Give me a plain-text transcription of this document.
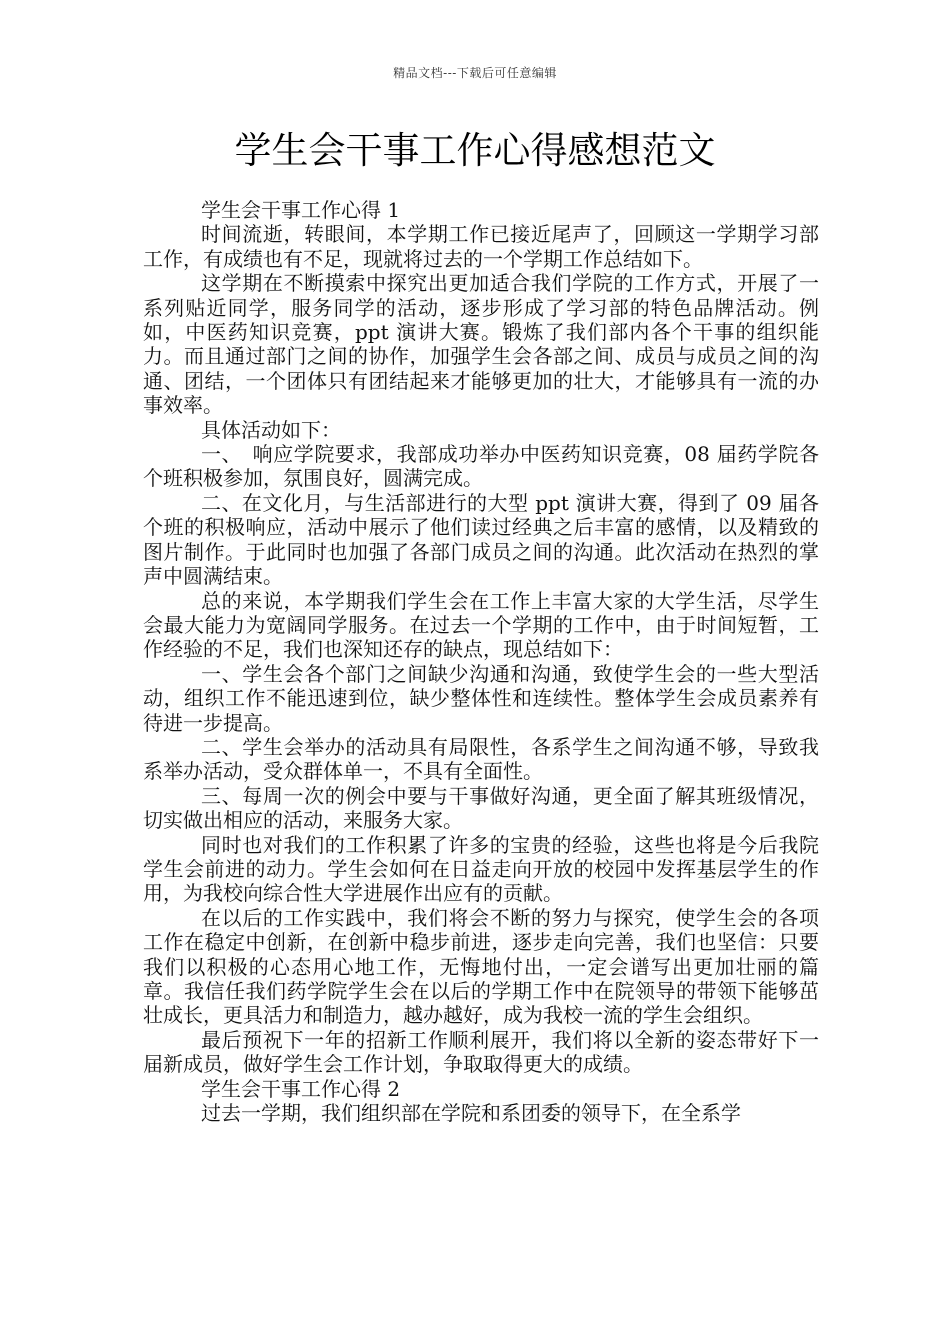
精品文档---下载后可任意编辑
学生会干事工作心得感想范文

学生会干事工作心得 1

时间流逝，转眼间，本学期工作已接近尾声了，回顾这一学期学习部工作，有成绩也有不足，现就将过去的一个学期工作总结如下。

这学期在不断摸索中探究出更加适合我们学院的工作方式，开展了一系列贴近同学，服务同学的活动，逐步形成了学习部的特色品牌活动。例如，中医药知识竞赛，ppt 演讲大赛。锻炼了我们部内各个干事的组织能力。而且通过部门之间的协作，加强学生会各部之间、成员与成员之间的沟通、团结，一个团体只有团结起来才能够更加的壮大，才能够具有一流的办事效率。

具体活动如下：

一、　响应学院要求，我部成功举办中医药知识竞赛，08 届药学院各个班积极参加，氛围良好，圆满完成。

二、在文化月，与生活部进行的大型 ppt 演讲大赛，得到了 09 届各个班的积极响应，活动中展示了他们读过经典之后丰富的感情，以及精致的图片制作。于此同时也加强了各部门成员之间的沟通。此次活动在热烈的掌声中圆满结束。

总的来说，本学期我们学生会在工作上丰富大家的大学生活，尽学生会最大能力为宽阔同学服务。在过去一个学期的工作中，由于时间短暂，工作经验的不足，我们也深知还存的缺点，现总结如下：

一、学生会各个部门之间缺少沟通和沟通，致使学生会的一些大型活动，组织工作不能迅速到位，缺少整体性和连续性。整体学生会成员素养有待进一步提高。

二、学生会举办的活动具有局限性，各系学生之间沟通不够，导致我系举办活动，受众群体单一，不具有全面性。

三、每周一次的例会中要与干事做好沟通，更全面了解其班级情况，切实做出相应的活动，来服务大家。

同时也对我们的工作积累了许多的宝贵的经验，这些也将是今后我院学生会前进的动力。学生会如何在日益走向开放的校园中发挥基层学生的作用，为我校向综合性大学进展作出应有的贡献。

在以后的工作实践中，我们将会不断的努力与探究，使学生会的各项工作在稳定中创新，在创新中稳步前进，逐步走向完善，我们也坚信：只要我们以积极的心态用心地工作，无悔地付出，一定会谱写出更加壮丽的篇章。我信任我们药学院学生会在以后的学期工作中在院领导的带领下能够茁壮成长，更具活力和制造力，越办越好，成为我校一流的学生会组织。

最后预祝下一年的招新工作顺利展开，我们将以全新的姿态带好下一届新成员，做好学生会工作计划，争取取得更大的成绩。

学生会干事工作心得 2

过去一学期，我们组织部在学院和系团委的领导下，在全系学
